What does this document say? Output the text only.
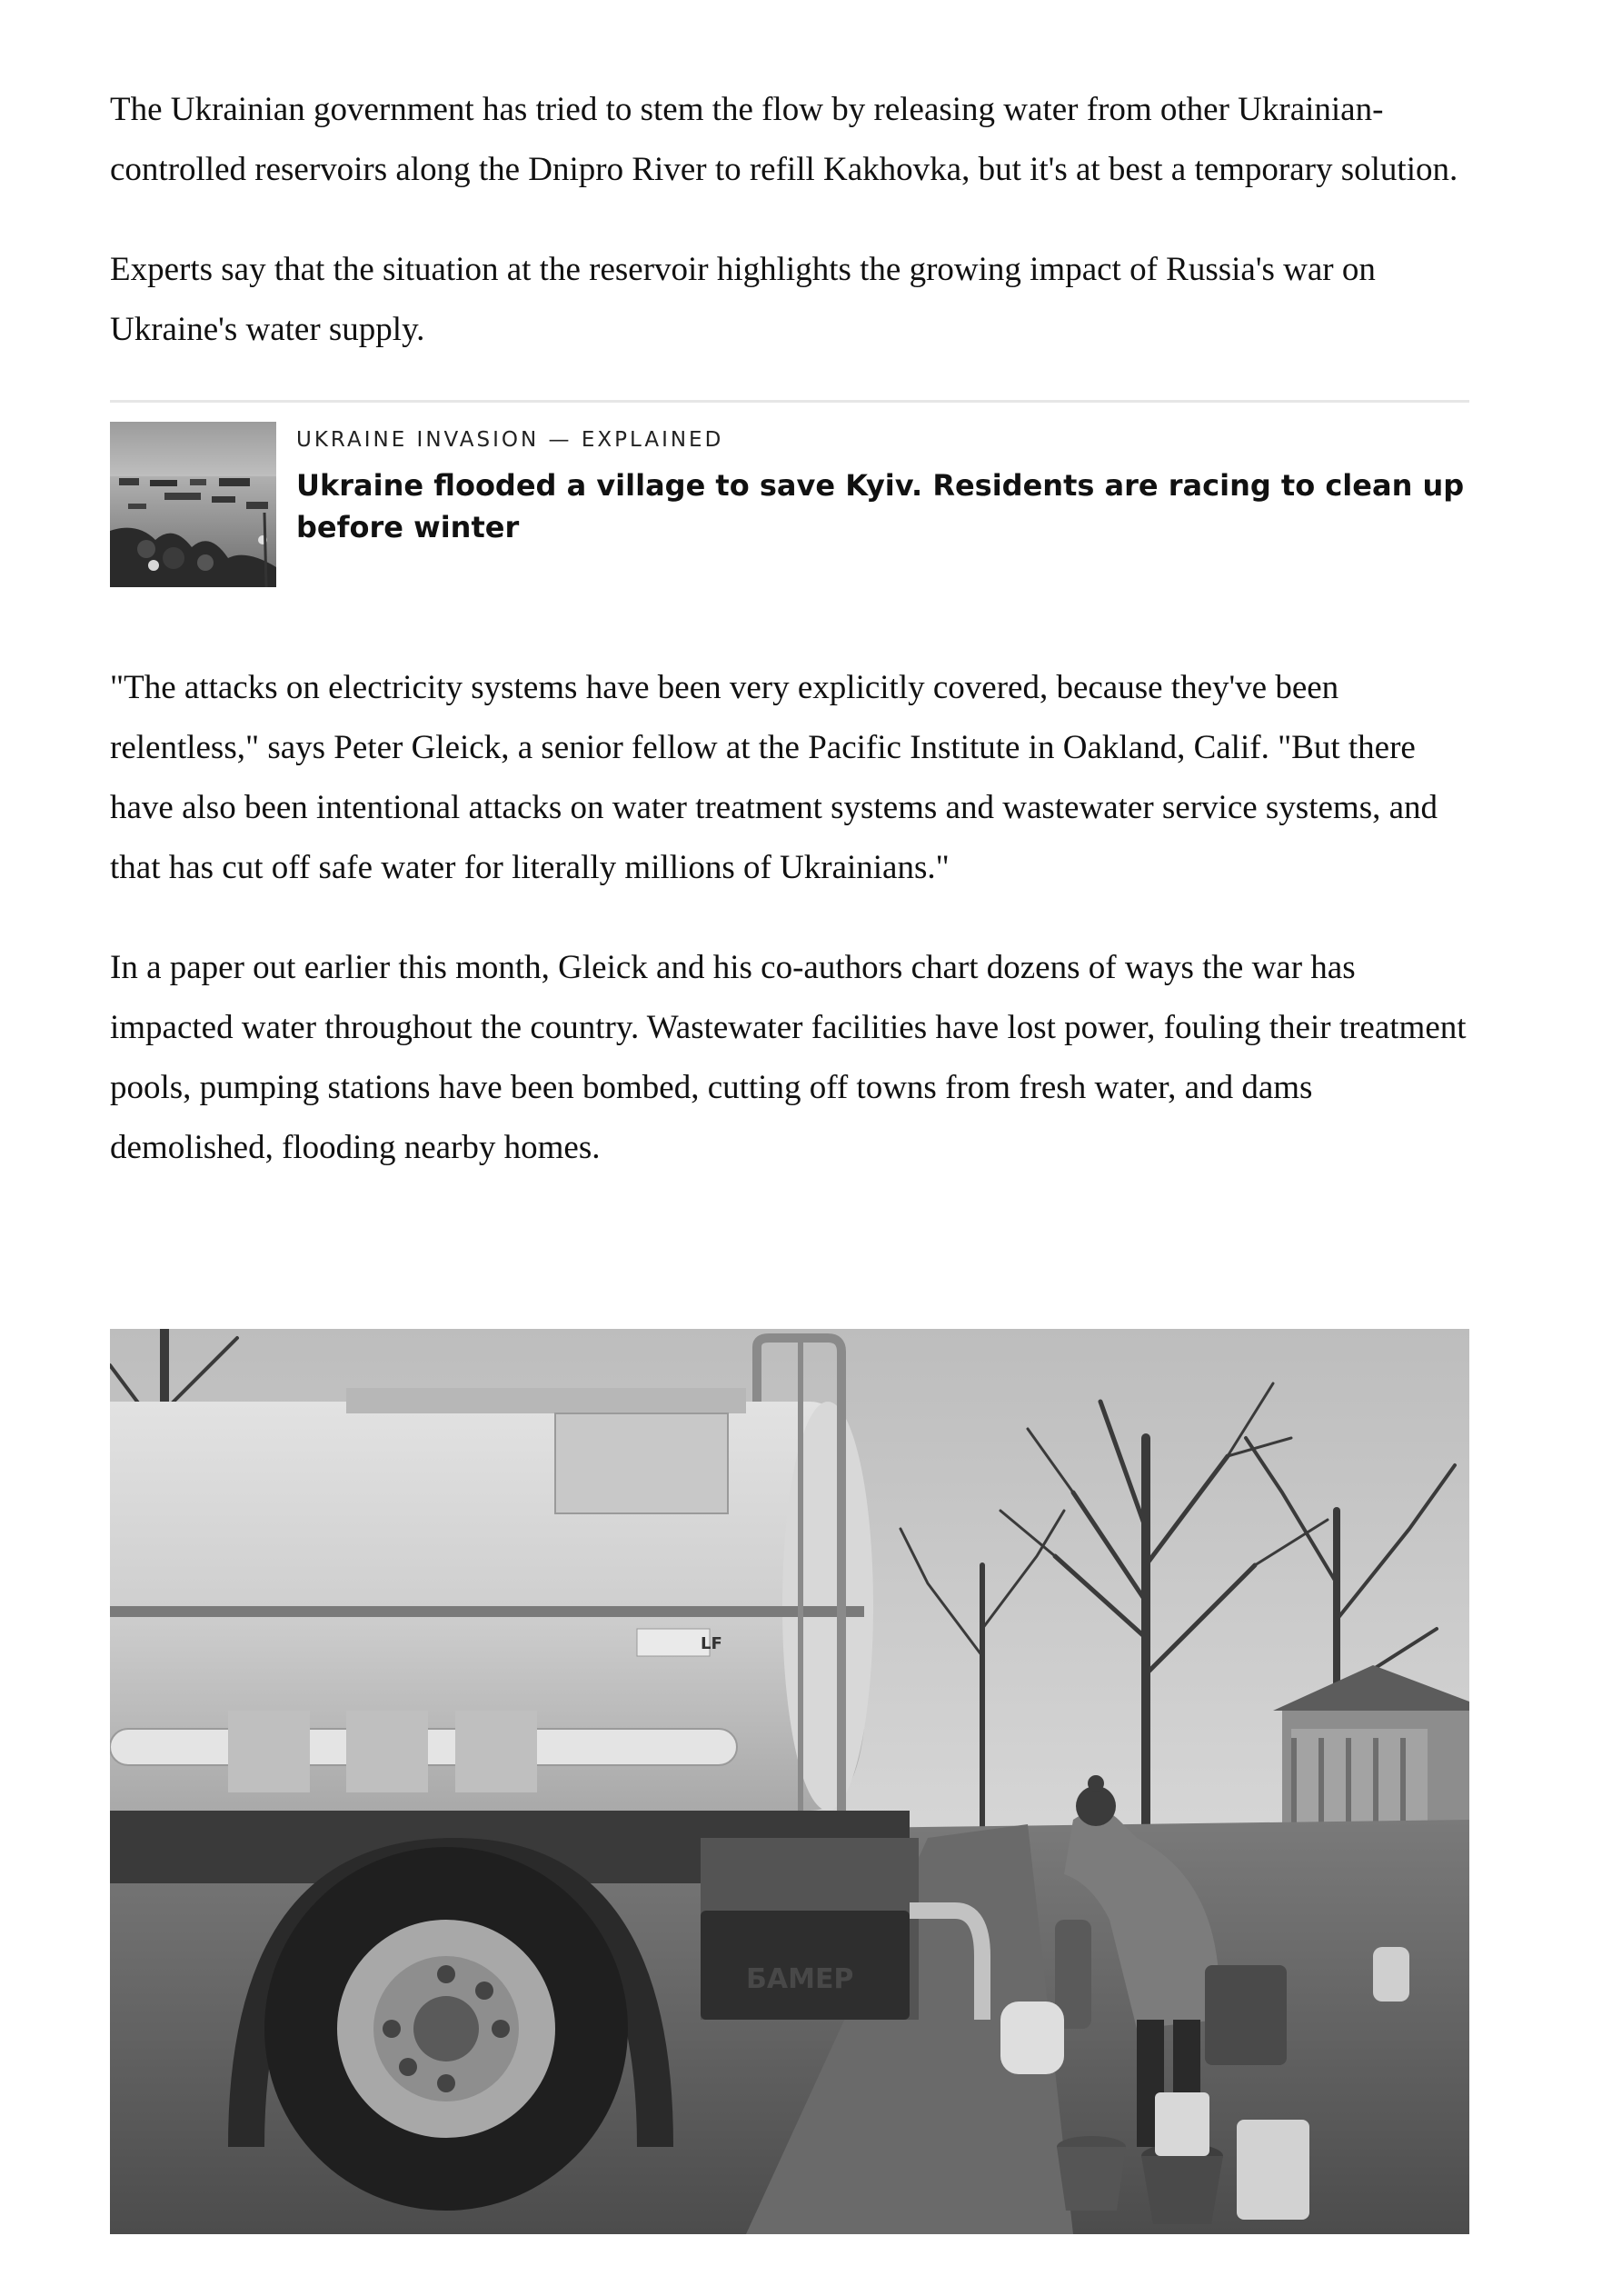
The Ukrainian government has tried to stem the flow by releasing water from other Ukrainian-controlled reservoirs along the Dnipro River to refill Kakhovka, but it's at best a temporary solution.

Experts say that the situation at the reservoir highlights the growing impact of Russia's war on Ukraine's water supply.

UKRAINE INVASION — EXPLAINED
Ukraine flooded a village to save Kyiv. Residents are racing to clean up before winter

"The attacks on electricity systems have been very explicitly covered, because they've been relentless," says Peter Gleick, a senior fellow at the Pacific Institute in Oakland, Calif. "But there have also been intentional attacks on water treatment systems and wastewater service systems, and that has cut off safe water for literally millions of Ukrainians."

In a paper out earlier this month, Gleick and his co-authors chart dozens of ways the war has impacted water throughout the country. Wastewater facilities have lost power, fouling their treatment pools, pumping stations have been bombed, cutting off towns from fresh water, and dams demolished, flooding nearby homes.

LF
БАМЕР
